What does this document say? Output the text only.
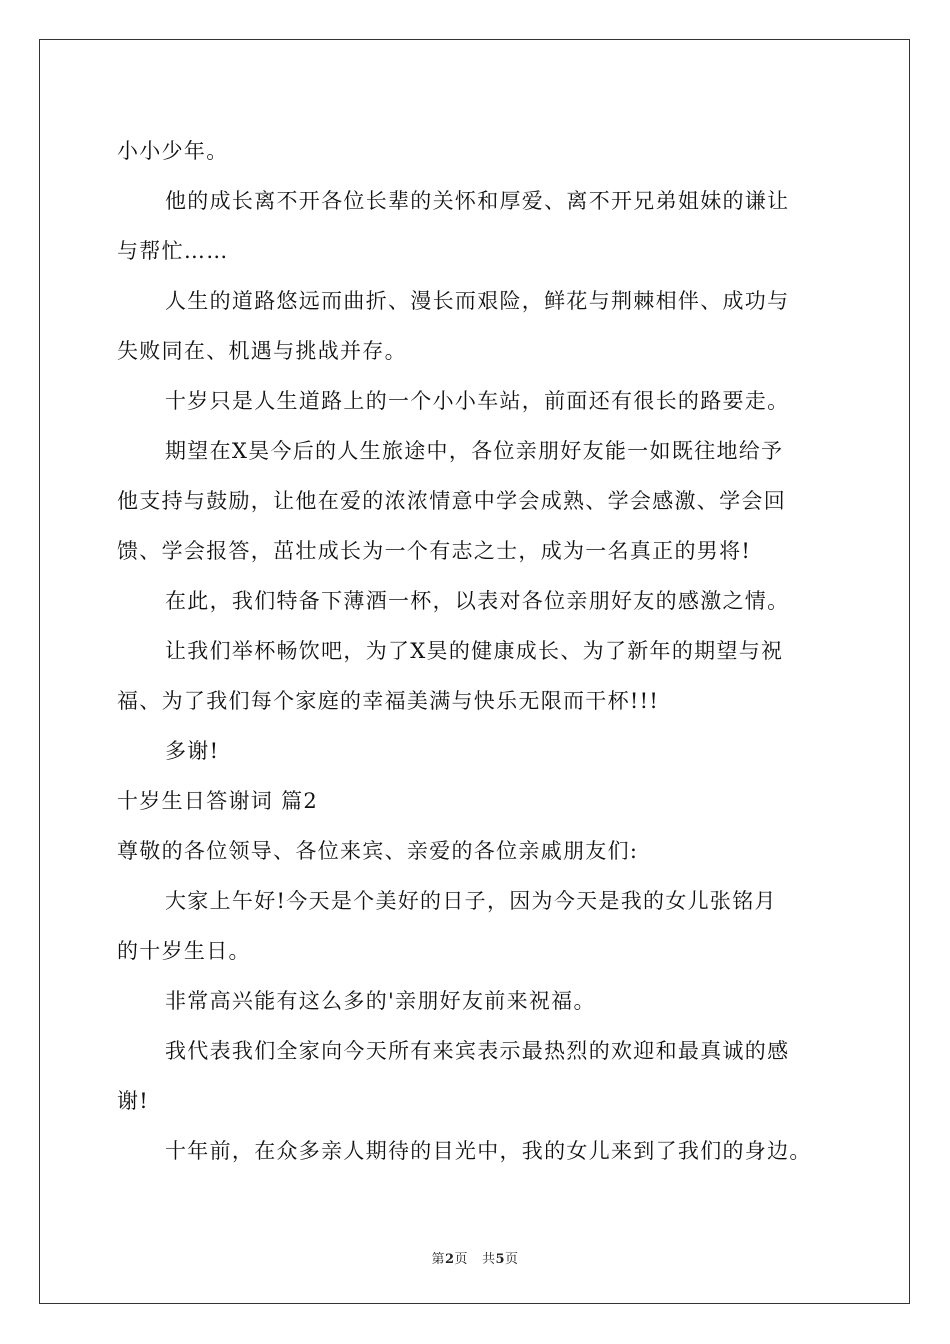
小小少年。
他的成长离不开各位长辈的关怀和厚爱、离不开兄弟姐妹的谦让
与帮忙……
人生的道路悠远而曲折、漫长而艰险，鲜花与荆棘相伴、成功与
失败同在、机遇与挑战并存。
十岁只是人生道路上的一个小小车站，前面还有很长的路要走。
期望在X昊今后的人生旅途中，各位亲朋好友能一如既往地给予
他支持与鼓励，让他在爱的浓浓情意中学会成熟、学会感激、学会回
馈、学会报答，茁壮成长为一个有志之士，成为一名真正的男将!
在此，我们特备下薄酒一杯，以表对各位亲朋好友的感激之情。
让我们举杯畅饮吧，为了X昊的健康成长、为了新年的期望与祝
福、为了我们每个家庭的幸福美满与快乐无限而干杯!!!
多谢!
十岁生日答谢词 篇2
尊敬的各位领导、各位来宾、亲爱的各位亲戚朋友们:
大家上午好!今天是个美好的日子，因为今天是我的女儿张铭月
的十岁生日。
非常高兴能有这么多的'亲朋好友前来祝福。
我代表我们全家向今天所有来宾表示最热烈的欢迎和最真诚的感
谢!
十年前，在众多亲人期待的目光中，我的女儿来到了我们的身边。
第2页 共5页
